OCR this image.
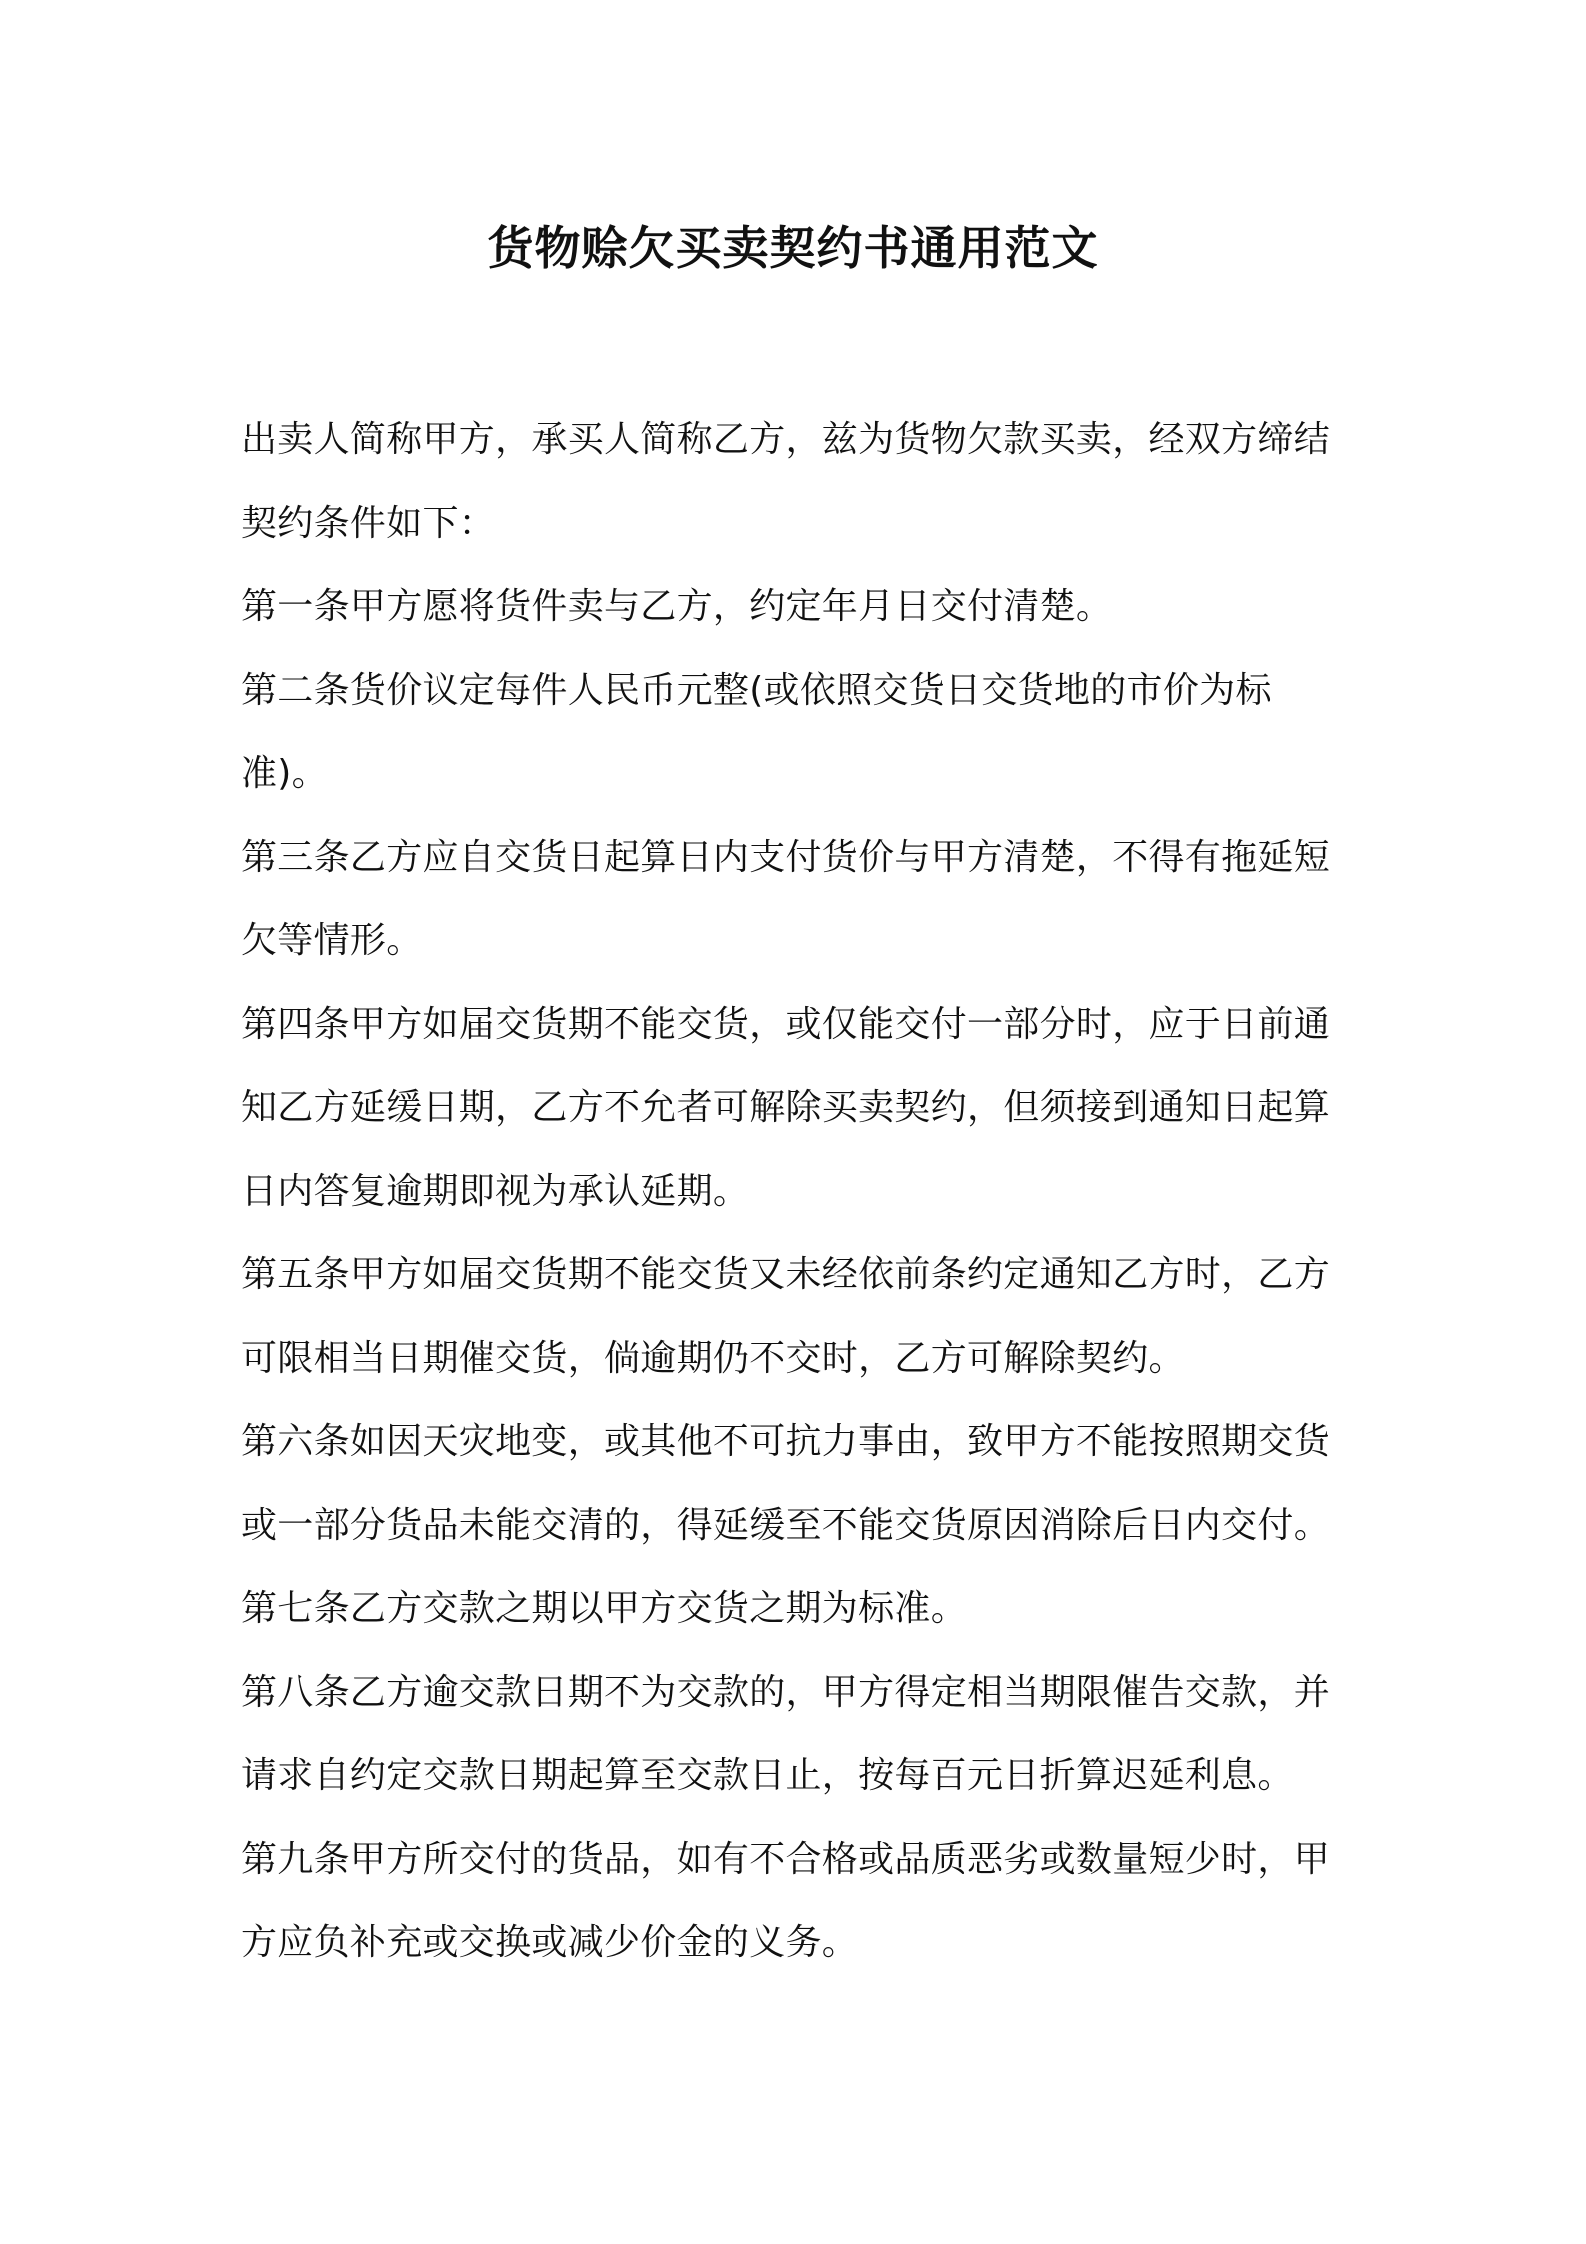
货物赊欠买卖契约书通用范文
出卖人简称甲方，承买人简称乙方，兹为货物欠款买卖，经双方缔结
契约条件如下：
第一条甲方愿将货件卖与乙方，约定年月日交付清楚。
第二条货价议定每件人民币元整(或依照交货日交货地的市价为标
准)。
第三条乙方应自交货日起算日内支付货价与甲方清楚，不得有拖延短
欠等情形。
第四条甲方如届交货期不能交货，或仅能交付一部分时，应于日前通
知乙方延缓日期，乙方不允者可解除买卖契约，但须接到通知日起算
日内答复逾期即视为承认延期。
第五条甲方如届交货期不能交货又未经依前条约定通知乙方时，乙方
可限相当日期催交货，倘逾期仍不交时，乙方可解除契约。
第六条如因天灾地变，或其他不可抗力事由，致甲方不能按照期交货
或一部分货品未能交清的，得延缓至不能交货原因消除后日内交付。
第七条乙方交款之期以甲方交货之期为标准。
第八条乙方逾交款日期不为交款的，甲方得定相当期限催告交款，并
请求自约定交款日期起算至交款日止，按每百元日折算迟延利息。
第九条甲方所交付的货品，如有不合格或品质恶劣或数量短少时，甲
方应负补充或交换或减少价金的义务。
